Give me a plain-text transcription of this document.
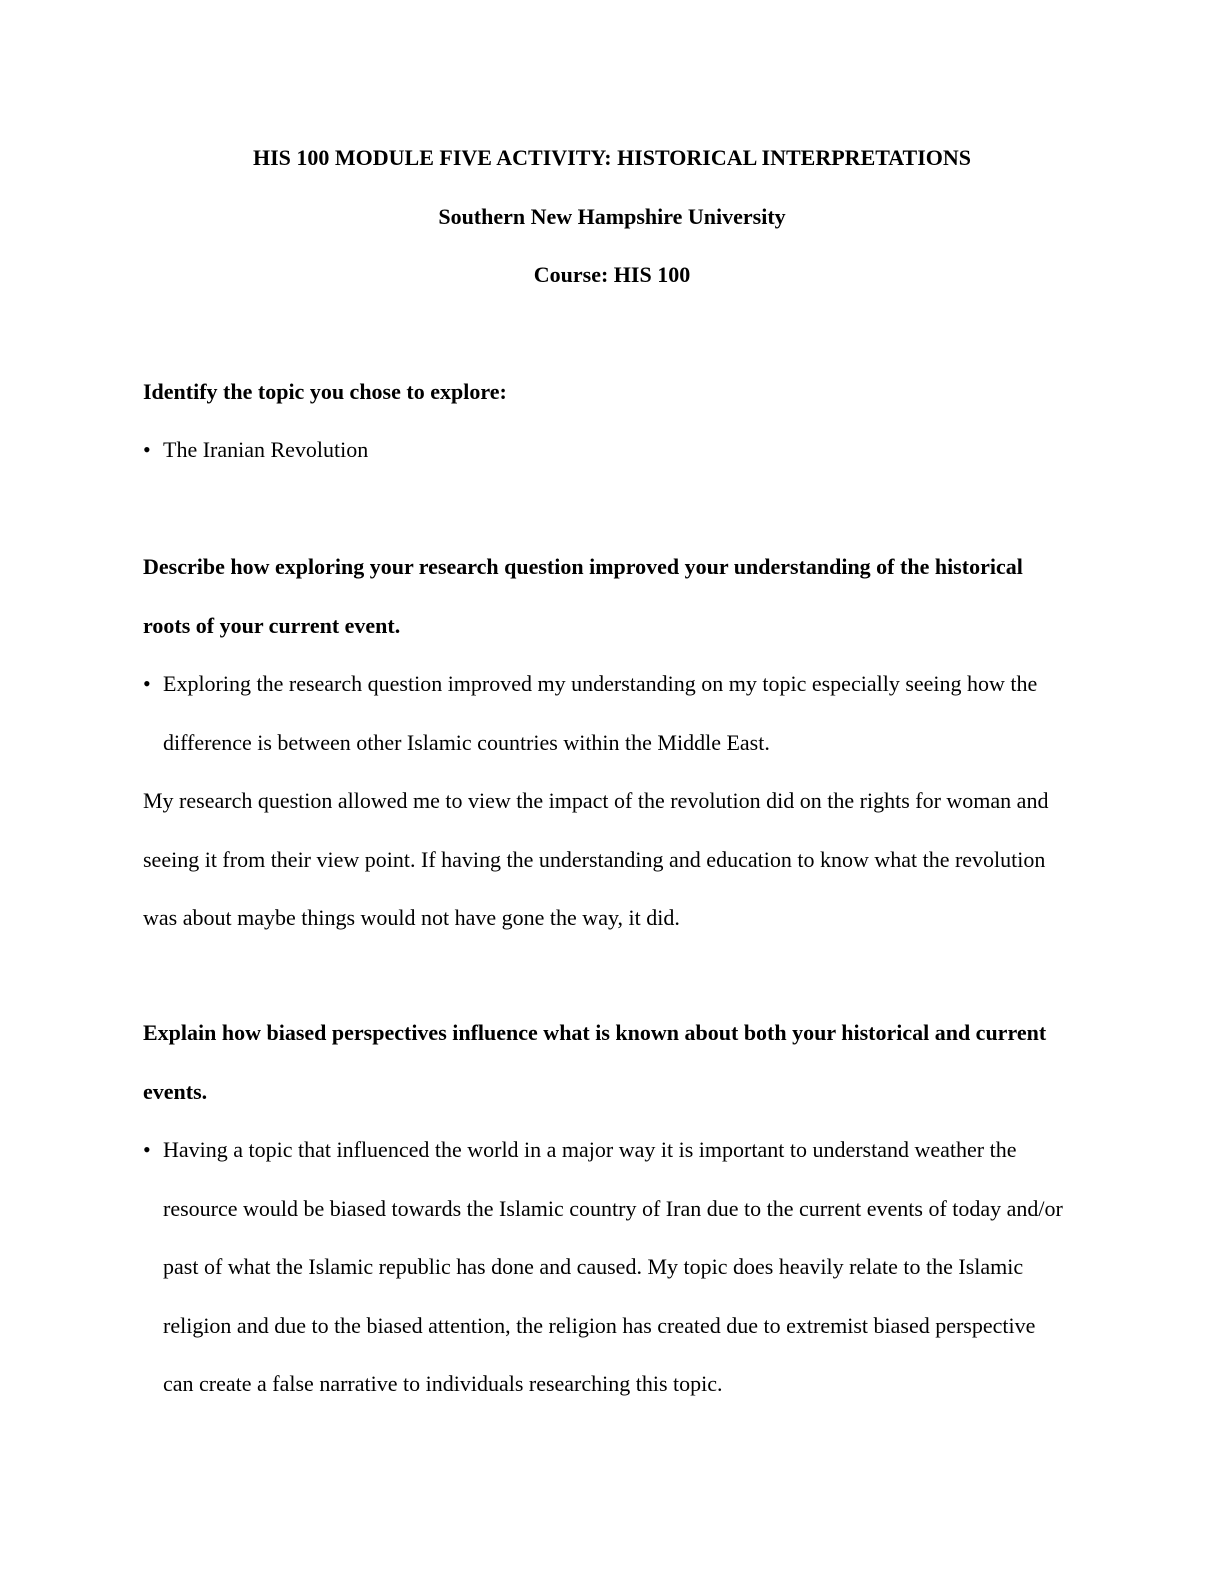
HIS 100 MODULE FIVE ACTIVITY: HISTORICAL INTERPRETATIONS
Southern New Hampshire University
Course: HIS 100
Identify the topic you chose to explore:
• The Iranian Revolution
Describe how exploring your research question improved your understanding of the historical roots of your current event.
• Exploring the research question improved my understanding on my topic especially seeing how the difference is between other Islamic countries within the Middle East.
My research question allowed me to view the impact of the revolution did on the rights for woman and seeing it from their view point. If having the understanding and education to know what the revolution was about maybe things would not have gone the way, it did.
Explain how biased perspectives influence what is known about both your historical and current events.
• Having a topic that influenced the world in a major way it is important to understand weather the resource would be biased towards the Islamic country of Iran due to the current events of today and/or past of what the Islamic republic has done and caused. My topic does heavily relate to the Islamic religion and due to the biased attention, the religion has created due to extremist biased perspective can create a false narrative to individuals researching this topic.
